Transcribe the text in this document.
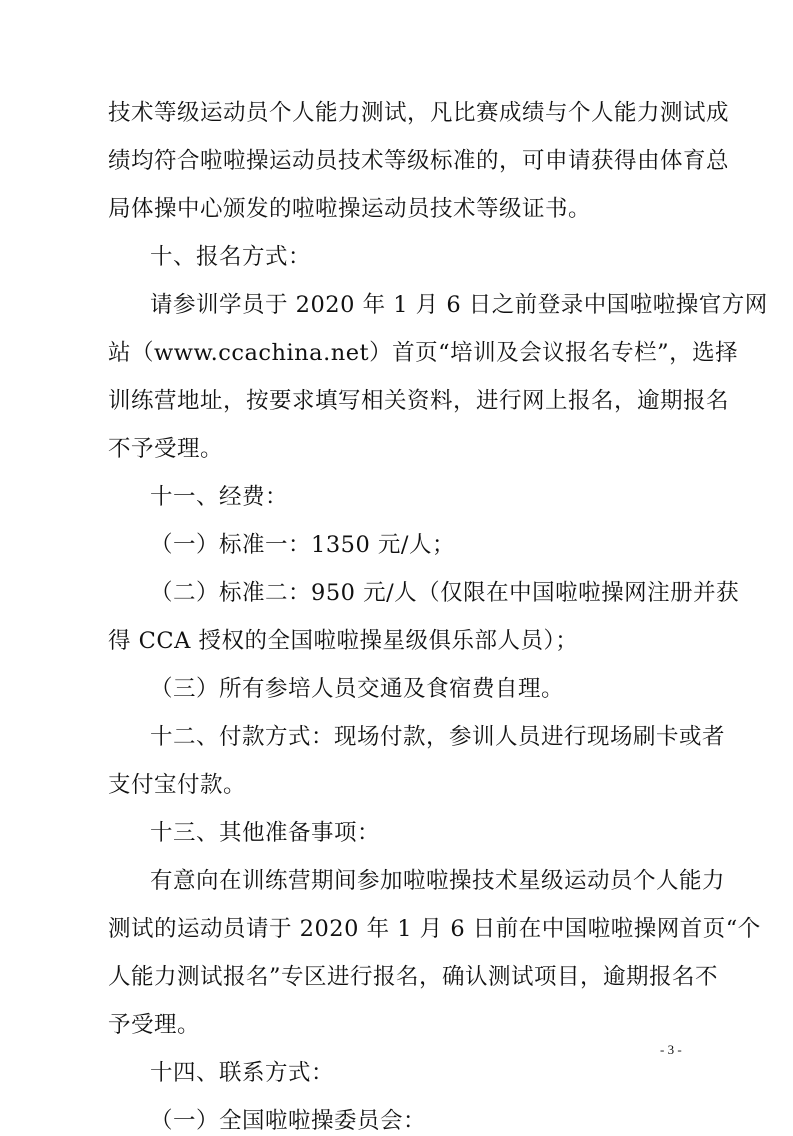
技术等级运动员个人能力测试，凡比赛成绩与个人能力测试成
绩均符合啦啦操运动员技术等级标准的，可申请获得由体育总
局体操中心颁发的啦啦操运动员技术等级证书。
十、报名方式：
请参训学员于 2020 年 1 月 6 日之前登录中国啦啦操官方网
站（www.ccachina.net）首页“培训及会议报名专栏”，选择
训练营地址，按要求填写相关资料，进行网上报名，逾期报名
不予受理。
十一、经费：
（一）标准一：1350 元/人；
（二）标准二：950 元/人（仅限在中国啦啦操网注册并获
得 CCA 授权的全国啦啦操星级俱乐部人员）；
（三）所有参培人员交通及食宿费自理。
十二、付款方式：现场付款，参训人员进行现场刷卡或者
支付宝付款。
十三、其他准备事项：
有意向在训练营期间参加啦啦操技术星级运动员个人能力
测试的运动员请于 2020 年 1 月 6 日前在中国啦啦操网首页“个
- 3 -
人能力测试报名”专区进行报名，确认测试项目，逾期报名不
予受理。
十四、联系方式：
（一）全国啦啦操委员会：
